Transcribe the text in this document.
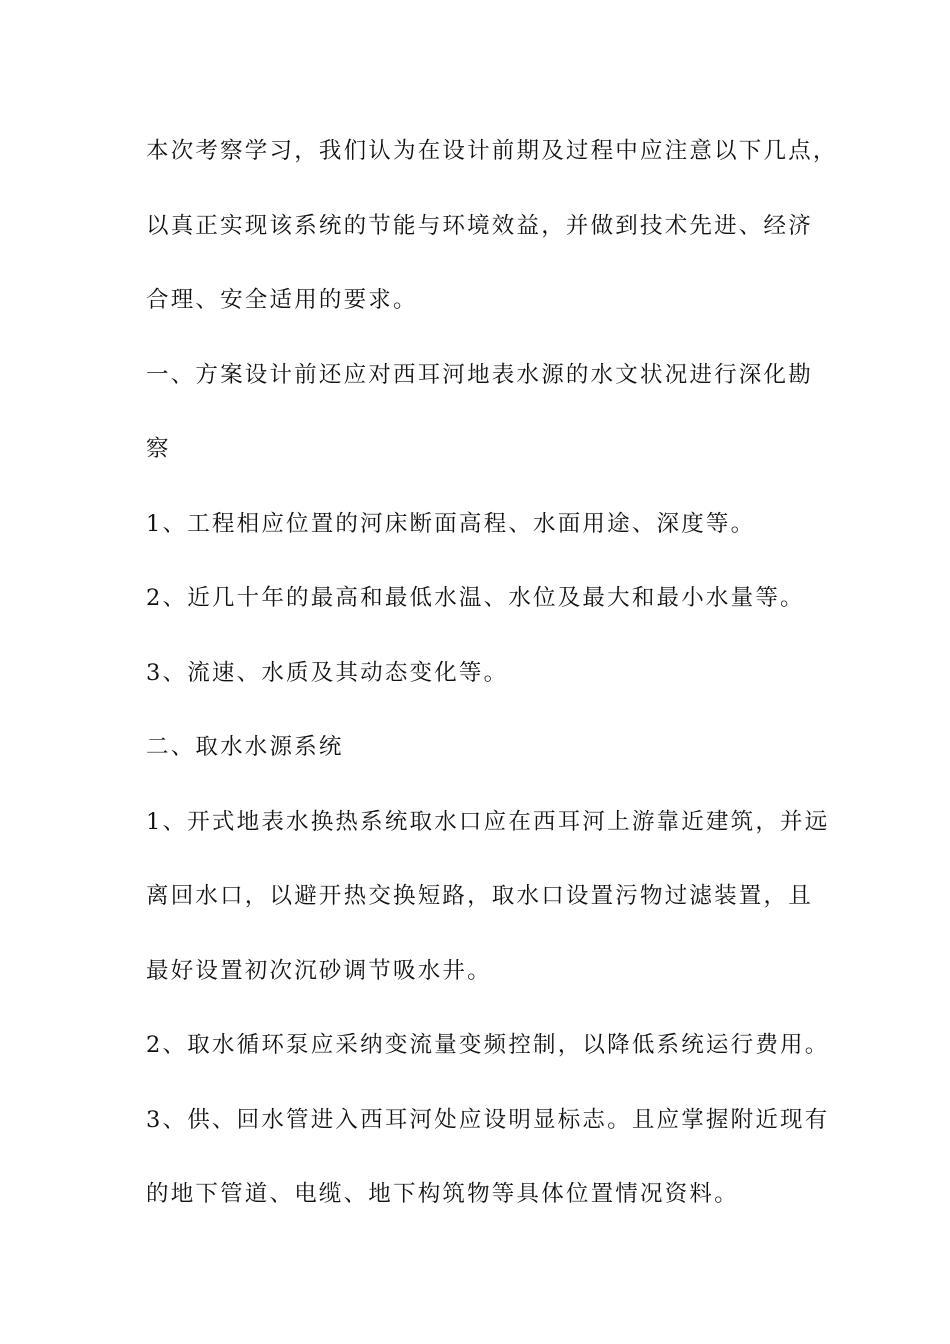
本次考察学习，我们认为在设计前期及过程中应注意以下几点，
以真正实现该系统的节能与环境效益，并做到技术先进、经济
合理、安全适用的要求。
一、方案设计前还应对西耳河地表水源的水文状况进行深化勘
察
1、工程相应位置的河床断面高程、水面用途、深度等。
2、近几十年的最高和最低水温、水位及最大和最小水量等。
3、流速、水质及其动态变化等。
二、取水水源系统
1、开式地表水换热系统取水口应在西耳河上游靠近建筑，并远
离回水口，以避开热交换短路，取水口设置污物过滤装置，且
最好设置初次沉砂调节吸水井。
2、取水循环泵应采纳变流量变频控制，以降低系统运行费用。
3、供、回水管进入西耳河处应设明显标志。且应掌握附近现有
的地下管道、电缆、地下构筑物等具体位置情况资料。
